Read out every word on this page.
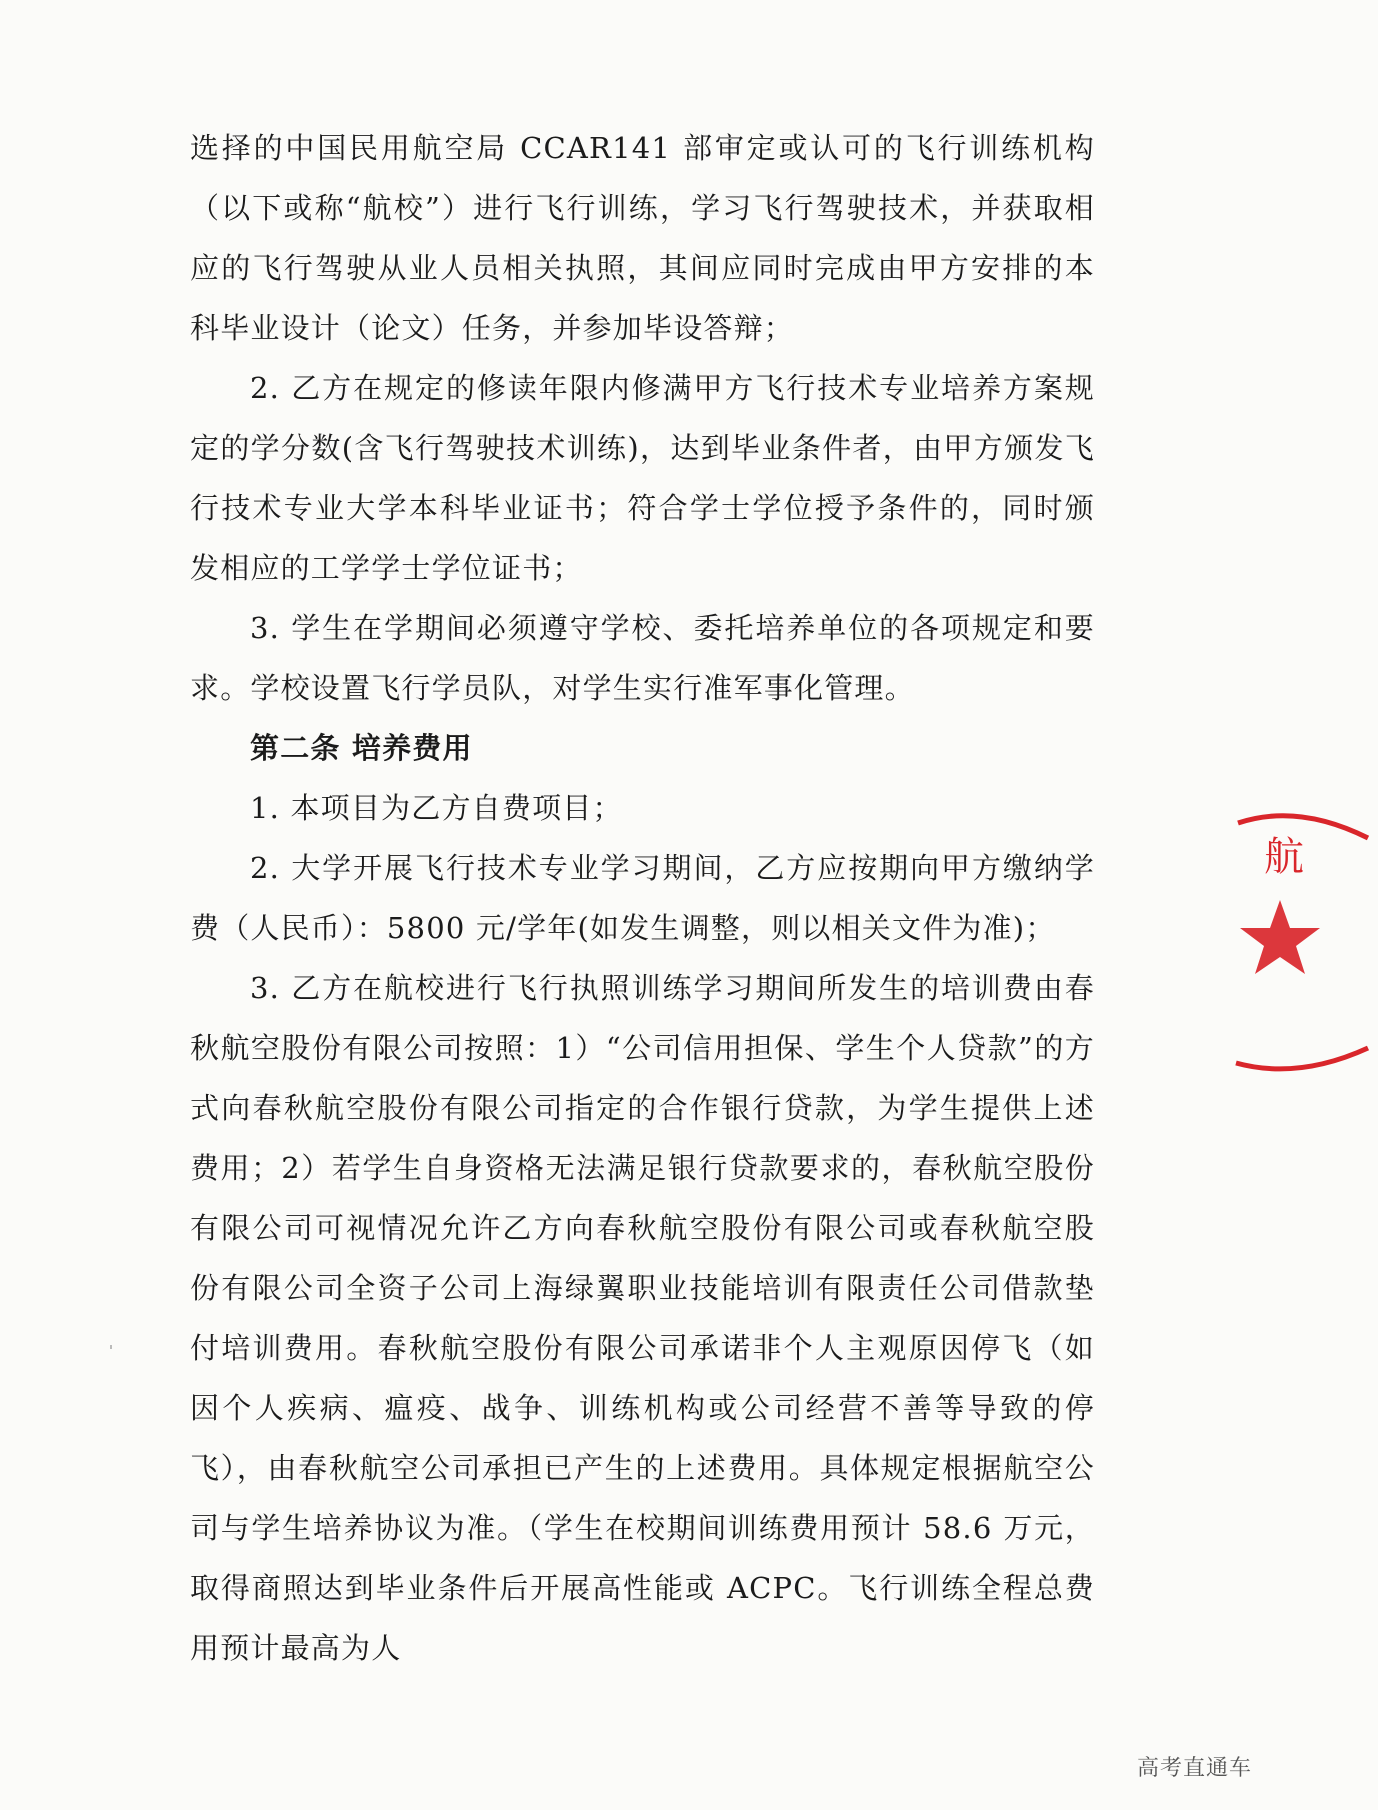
选择的中国民用航空局 CCAR141 部审定或认可的飞行训练机构（以下或称“航校”）进行飞行训练，学习飞行驾驶技术，并获取相应的飞行驾驶从业人员相关执照，其间应同时完成由甲方安排的本科毕业设计（论文）任务，并参加毕设答辩；

2. 乙方在规定的修读年限内修满甲方飞行技术专业培养方案规定的学分数(含飞行驾驶技术训练)，达到毕业条件者，由甲方颁发飞行技术专业大学本科毕业证书；符合学士学位授予条件的，同时颁发相应的工学学士学位证书；

3. 学生在学期间必须遵守学校、委托培养单位的各项规定和要求。学校设置飞行学员队，对学生实行准军事化管理。

第二条 培养费用

1. 本项目为乙方自费项目；

2. 大学开展飞行技术专业学习期间，乙方应按期向甲方缴纳学费（人民币）：5800 元/学年(如发生调整，则以相关文件为准)；

3. 乙方在航校进行飞行执照训练学习期间所发生的培训费由春秋航空股份有限公司按照：1）“公司信用担保、学生个人贷款”的方式向春秋航空股份有限公司指定的合作银行贷款，为学生提供上述费用；2）若学生自身资格无法满足银行贷款要求的，春秋航空股份有限公司可视情况允许乙方向春秋航空股份有限公司或春秋航空股份有限公司全资子公司上海绿翼职业技能培训有限责任公司借款垫付培训费用。春秋航空股份有限公司承诺非个人主观原因停飞（如因个人疾病、瘟疫、战争、训练机构或公司经营不善等导致的停飞），由春秋航空公司承担已产生的上述费用。具体规定根据航空公司与学生培养协议为准。（学生在校期间训练费用预计 58.6 万元，取得商照达到毕业条件后开展高性能或 ACPC。飞行训练全程总费用预计最高为人

航
高考直通车
